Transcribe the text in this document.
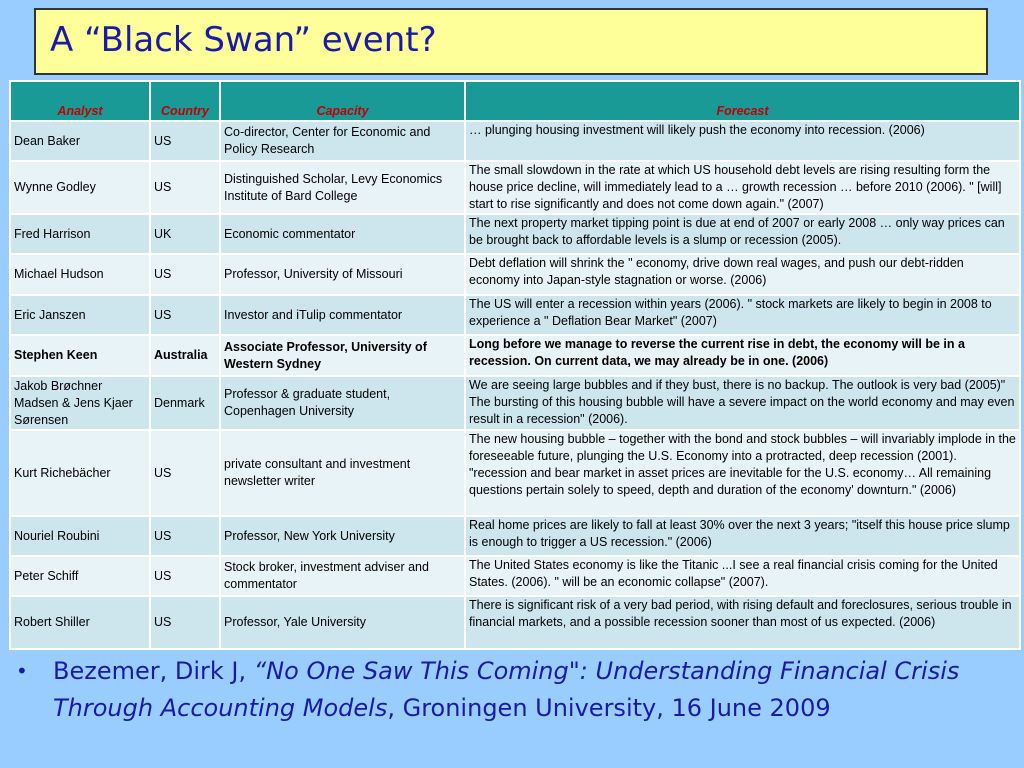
A “Black Swan” event?
Analyst	Country	Capacity	Forecast
Dean Baker	US	Co-director, Center for Economic and Policy Research	… plunging housing investment will likely push the economy into recession. (2006)
Wynne Godley	US	Distinguished Scholar, Levy Economics Institute of Bard College	The small slowdown in the rate at which US household debt levels are rising resulting form the house price decline, will immediately lead to a … growth recession … before 2010 (2006). " [will] start to rise significantly and does not come down again." (2007)
Fred Harrison	UK	Economic commentator	The next property market tipping point is due at end of 2007 or early 2008 … only way prices can be brought back to affordable levels is a slump or recession (2005).
Michael Hudson	US	Professor, University of Missouri	Debt deflation will shrink the " economy, drive down real wages, and push our debt-ridden economy into Japan-style stagnation or worse. (2006)
Eric Janszen	US	Investor and iTulip commentator	The US will enter a recession within years (2006). " stock markets are likely to begin in 2008 to experience a " Deflation Bear Market" (2007)
Stephen Keen	Australia	Associate Professor, University of Western Sydney	Long before we manage to reverse the current rise in debt, the economy will be in a recession. On current data, we may already be in one. (2006)
Jakob Brøchner Madsen & Jens Kjaer Sørensen	Denmark	Professor & graduate student, Copenhagen University	We are seeing large bubbles and if they bust, there is no backup. The outlook is very bad (2005)" The bursting of this housing bubble will have a severe impact on the world economy and may even result in a recession" (2006).
Kurt Richebächer	US	private consultant and investment newsletter writer	The new housing bubble – together with the bond and stock bubbles – will invariably implode in the foreseeable future, plunging the U.S. Economy into a protracted, deep recession (2001). "recession and bear market in asset prices are inevitable for the U.S. economy… All remaining questions pertain solely to speed, depth and duration of the economy' downturn." (2006)
Nouriel Roubini	US	Professor, New York University	Real home prices are likely to fall at least 30% over the next 3 years; "itself this house price slump is enough to trigger a US recession." (2006)
Peter Schiff	US	Stock broker, investment adviser and commentator	The United States economy is like the Titanic ...I see a real financial crisis coming for the United States. (2006). " will be an economic collapse" (2007).
Robert Shiller	US	Professor, Yale University	There is significant risk of a very bad period, with rising default and foreclosures, serious trouble in financial markets, and a possible recession sooner than most of us expected. (2006)
• Bezemer, Dirk J, “No One Saw This Coming": Understanding Financial Crisis Through Accounting Models, Groningen University, 16 June 2009
